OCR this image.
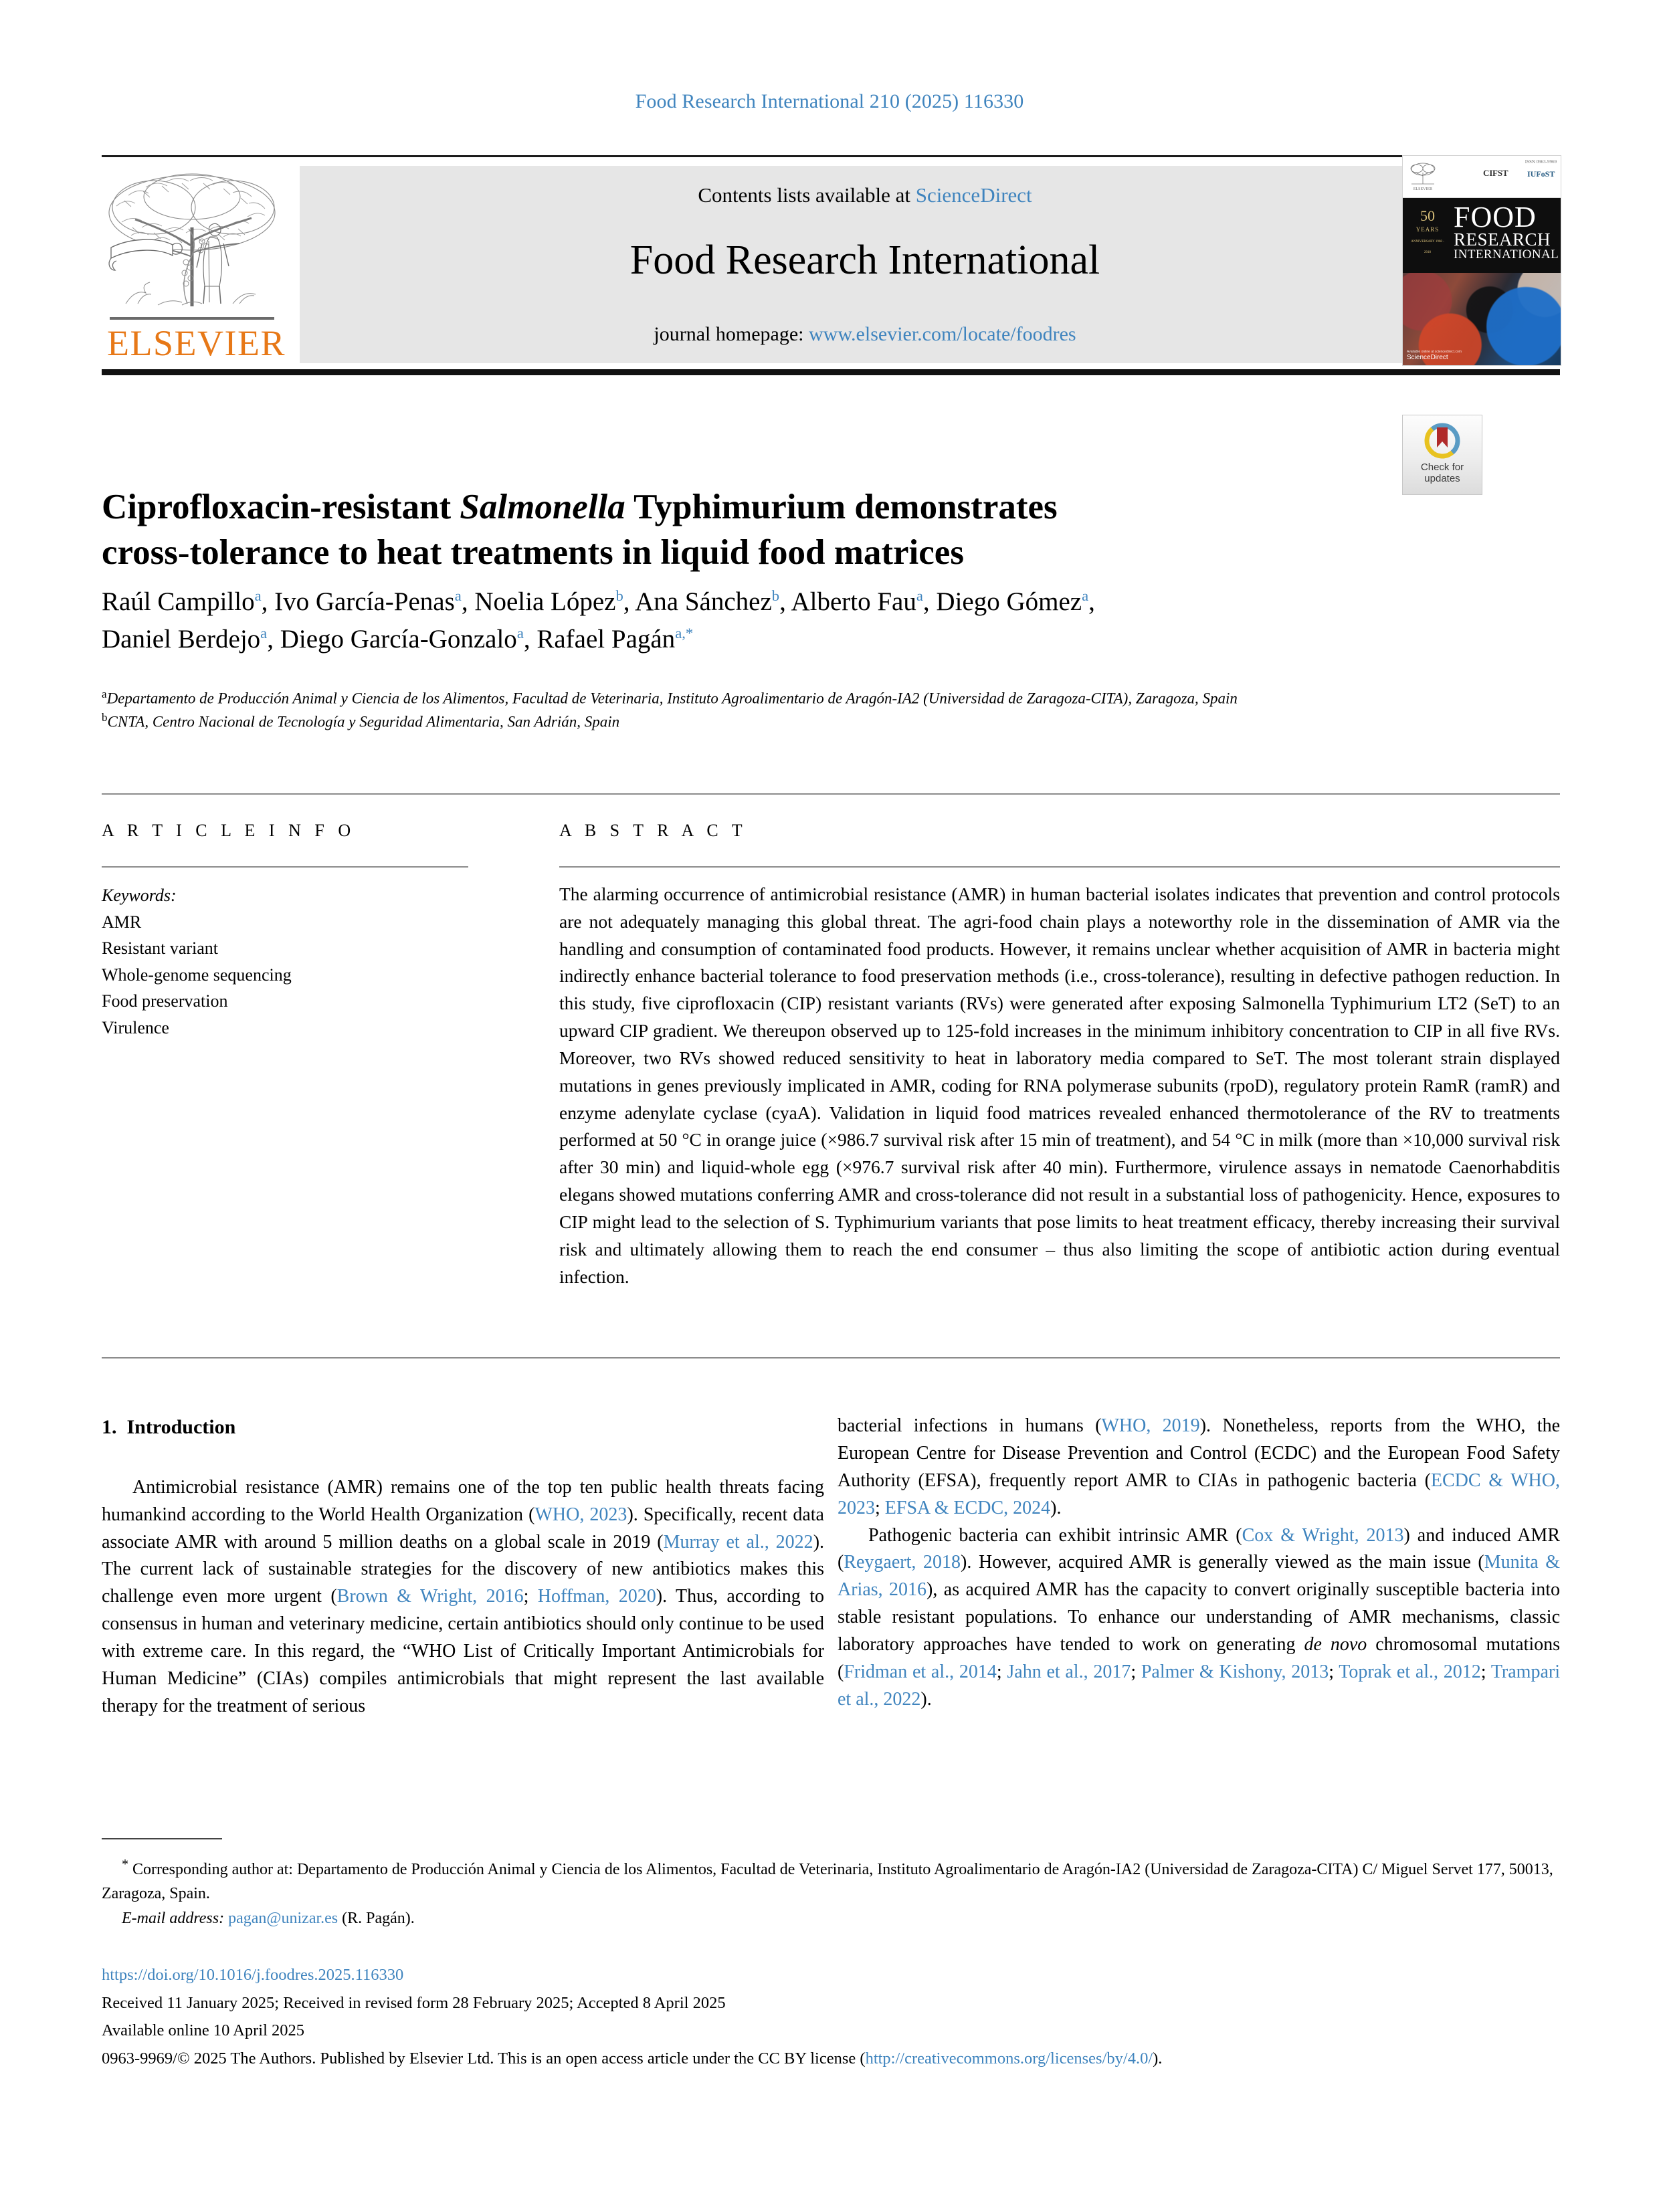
Food Research International 210 (2025) 116330
ELSEVIER
Contents lists available at ScienceDirect
Food Research International
journal homepage: www.elsevier.com/locate/foodres
ELSEVIER
ISSN 0963-9969
CIFST IUFoST
50 YEARS ANNIVERSARY 1968 - 2018
FOOD
RESEARCH
INTERNATIONAL
Available online at sciencedirect.com
ScienceDirect
Check for
updates
Ciprofloxacin-resistant Salmonella Typhimurium demonstrates
cross-tolerance to heat treatments in liquid food matrices
Raúl Campillo$^a$, Ivo García-Penas$^a$, Noelia López$^b$, Ana Sánchez$^b$, Alberto Fau$^a$, Diego Gómez$^a$,
Daniel Berdejo$^a$, Diego García-Gonzalo$^a$, Rafael Pagán$^{a,*}$
$^a$Departamento de Producción Animal y Ciencia de los Alimentos, Facultad de Veterinaria, Instituto Agroalimentario de Aragón-IA2 (Universidad de Zaragoza-CITA), Zaragoza, Spain
$^b$CNTA, Centro Nacional de Tecnología y Seguridad Alimentaria, San Adrián, Spain
A R T I C L E I N F O
Keywords:
AMR
Resistant variant
Whole-genome sequencing
Food preservation
Virulence
A B S T R A C T
The alarming occurrence of antimicrobial resistance (AMR) in human bacterial isolates indicates that prevention and control protocols are not adequately managing this global threat. The agri-food chain plays a noteworthy role in the dissemination of AMR via the handling and consumption of contaminated food products. However, it remains unclear whether acquisition of AMR in bacteria might indirectly enhance bacterial tolerance to food preservation methods (i.e., cross-tolerance), resulting in defective pathogen reduction. In this study, five ciprofloxacin (CIP) resistant variants (RVs) were generated after exposing Salmonella Typhimurium LT2 (SeT) to an upward CIP gradient. We thereupon observed up to 125-fold increases in the minimum inhibitory concentration to CIP in all five RVs. Moreover, two RVs showed reduced sensitivity to heat in laboratory media compared to SeT. The most tolerant strain displayed mutations in genes previously implicated in AMR, coding for RNA polymerase subunits (rpoD), regulatory protein RamR (ramR) and enzyme adenylate cyclase (cyaA). Validation in liquid food matrices revealed enhanced thermotolerance of the RV to treatments performed at 50 °C in orange juice (×986.7 survival risk after 15 min of treatment), and 54 °C in milk (more than ×10,000 survival risk after 30 min) and liquid-whole egg (×976.7 survival risk after 40 min). Furthermore, virulence assays in nematode Caenorhabditis elegans showed mutations conferring AMR and cross-tolerance did not result in a substantial loss of pathogenicity. Hence, exposures to CIP might lead to the selection of S. Typhimurium variants that pose limits to heat treatment efficacy, thereby increasing their survival risk and ultimately allowing them to reach the end consumer – thus also limiting the scope of antibiotic action during eventual infection.
1. Introduction

Antimicrobial resistance (AMR) remains one of the top ten public health threats facing humankind according to the World Health Organization (WHO, 2023). Specifically, recent data associate AMR with around 5 million deaths on a global scale in 2019 (Murray et al., 2022). The current lack of sustainable strategies for the discovery of new antibiotics makes this challenge even more urgent (Brown & Wright, 2016; Hoffman, 2020). Thus, according to consensus in human and veterinary medicine, certain antibiotics should only continue to be used with extreme care. In this regard, the “WHO List of Critically Important Antimicrobials for Human Medicine” (CIAs) compiles antimicrobials that might represent the last available therapy for the treatment of serious

bacterial infections in humans (WHO, 2019). Nonetheless, reports from the WHO, the European Centre for Disease Prevention and Control (ECDC) and the European Food Safety Authority (EFSA), frequently report AMR to CIAs in pathogenic bacteria (ECDC & WHO, 2023; EFSA & ECDC, 2024).

Pathogenic bacteria can exhibit intrinsic AMR (Cox & Wright, 2013) and induced AMR (Reygaert, 2018). However, acquired AMR is generally viewed as the main issue (Munita & Arias, 2016), as acquired AMR has the capacity to convert originally susceptible bacteria into stable resistant populations. To enhance our understanding of AMR mechanisms, classic laboratory approaches have tended to work on generating de novo chromosomal mutations (Fridman et al., 2014; Jahn et al., 2017; Palmer & Kishony, 2013; Toprak et al., 2012; Trampari et al., 2022).

* Corresponding author at: Departamento de Producción Animal y Ciencia de los Alimentos, Facultad de Veterinaria, Instituto Agroalimentario de Aragón-IA2 (Universidad de Zaragoza-CITA) C/ Miguel Servet 177, 50013, Zaragoza, Spain.
E-mail address: pagan@unizar.es (R. Pagán).
https://doi.org/10.1016/j.foodres.2025.116330
Received 11 January 2025; Received in revised form 28 February 2025; Accepted 8 April 2025
Available online 10 April 2025
0963-9969/© 2025 The Authors. Published by Elsevier Ltd. This is an open access article under the CC BY license (http://creativecommons.org/licenses/by/4.0/).
